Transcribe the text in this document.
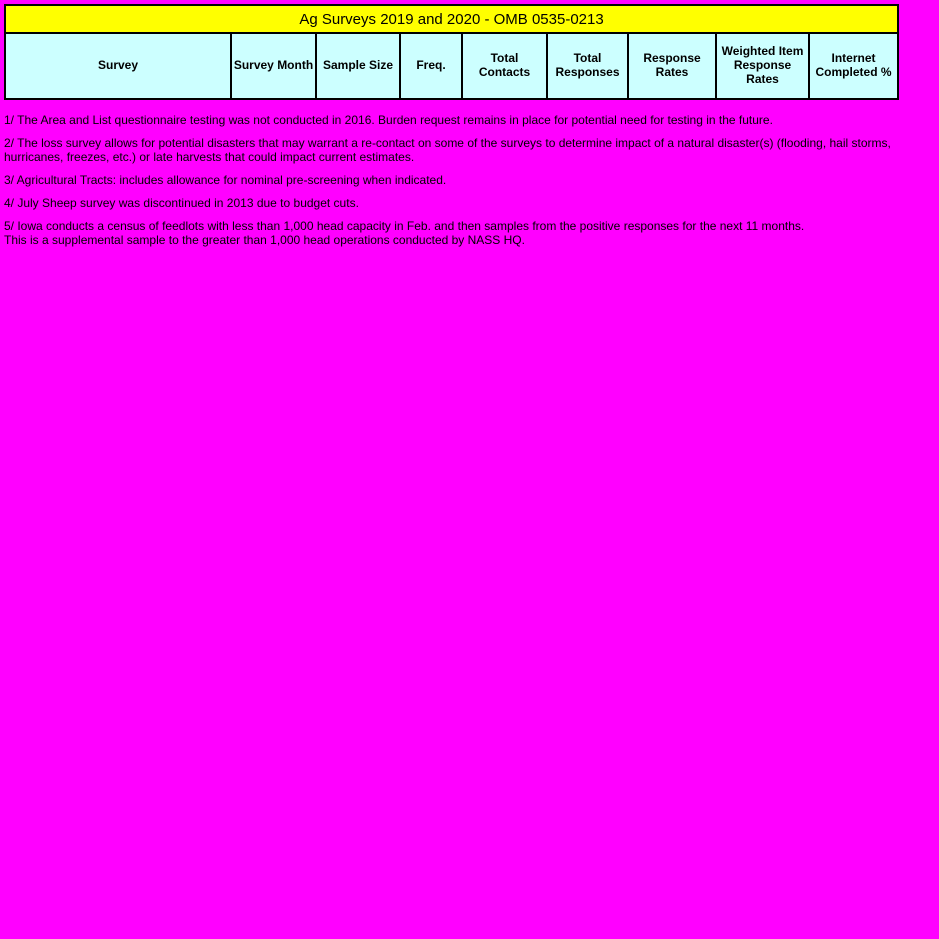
Ag Surveys 2019 and 2020 - OMB 0535-0213
Survey	Survey Month	Sample Size	Freq.	Total Contacts	Total Responses	Response Rates	Weighted Item Response Rates	Internet Completed %

1/ The Area and List questionnaire testing was not conducted in 2016. Burden request remains in place for potential need for testing in the future.
2/ The loss survey allows for potential disasters that may warrant a re-contact on some of the surveys to determine impact of a natural disaster(s) (flooding, hail storms, hurricanes, freezes, etc.) or late harvests that could impact current estimates.
3/ Agricultural Tracts: includes allowance for nominal pre-screening when indicated.
4/ July Sheep survey was discontinued in 2013 due to budget cuts.
5/ Iowa conducts a census of feedlots with less than 1,000 head capacity in Feb. and then samples from the positive responses for the next 11 months.
This is a supplemental sample to the greater than 1,000 head operations conducted by NASS HQ.
